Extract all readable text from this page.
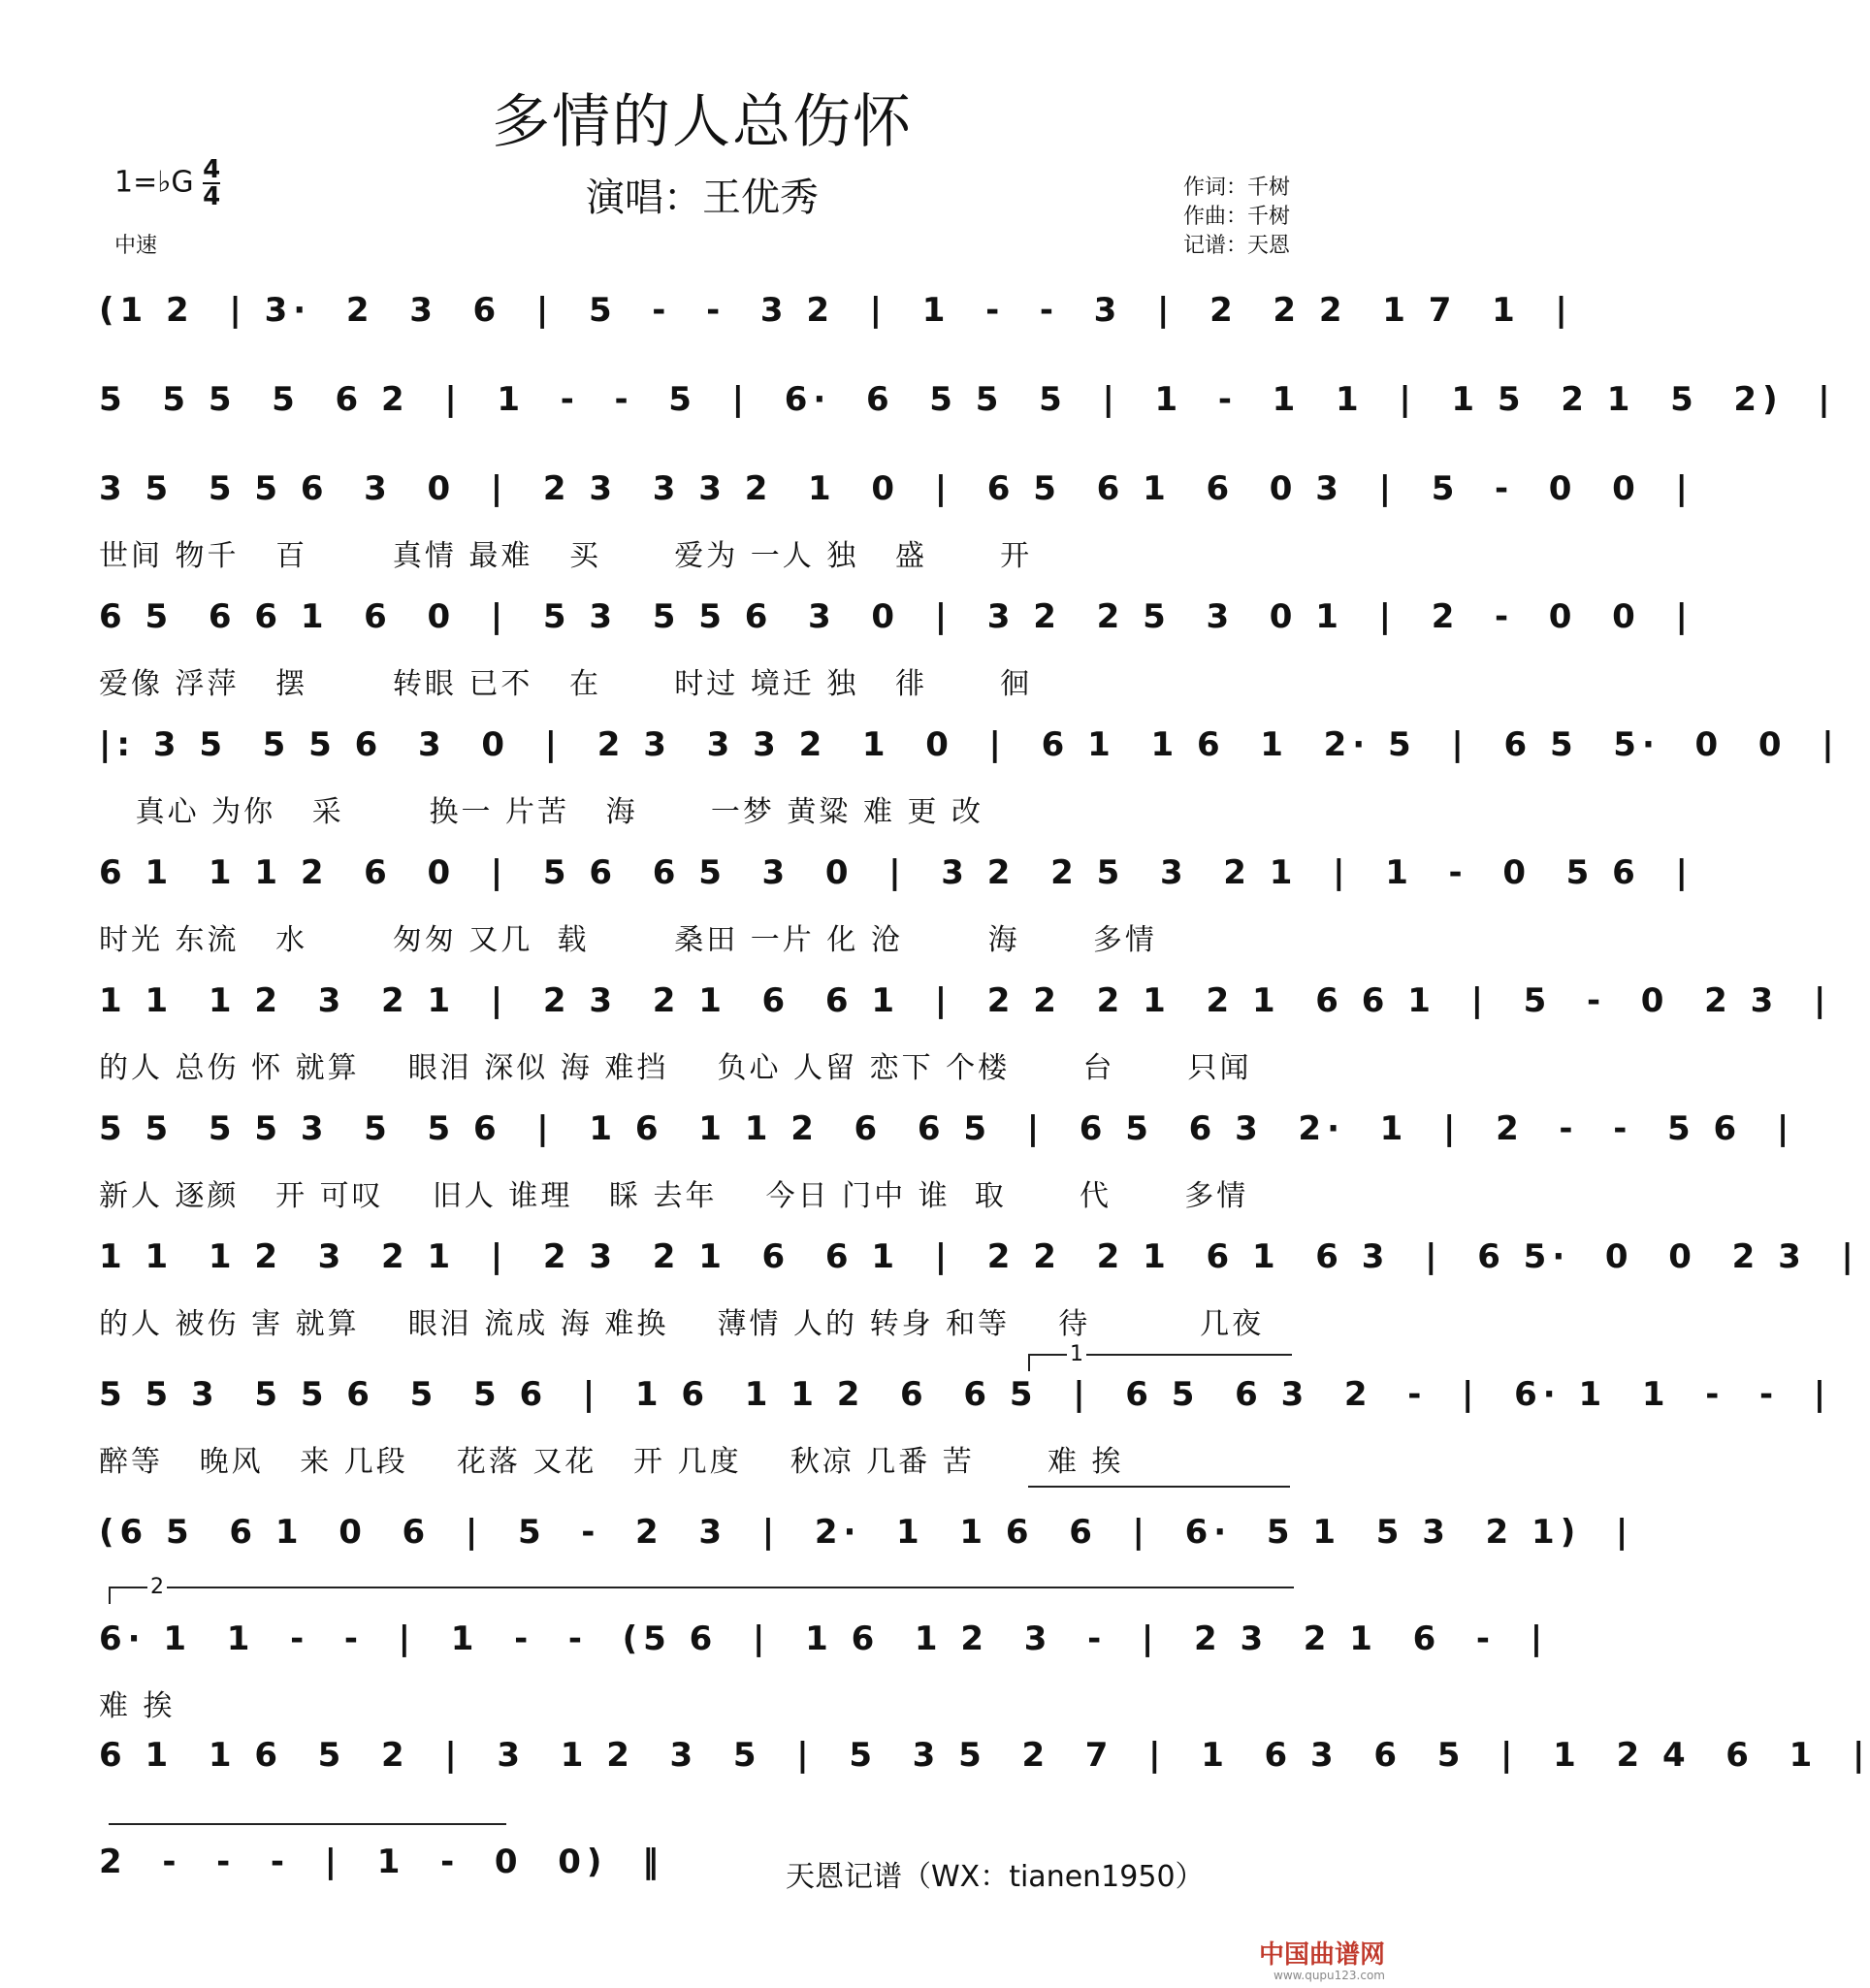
多情的人总伤怀
演唱：王优秀
1=♭G $\frac{4}{4}$
中速
作词：千树
作曲：千树
记谱：天恩
(1 2  | 3·  2  3  6  |  5  -  -  3 2  |  1  -  -  3  |  2  2 2  1 7  1  |
5  5 5  5  6 2  |  1  -  -  5  |  6·  6  5 5  5  |  1  -  1  1  |  1 5  2 1  5  2)  |
3 5  5 5 6  3  0  |  2 3  3 3 2  1  0  |  6 5  6 1  6  0 3  |  5  -  0  0  |
世间 物千   百       真情 最难   买      爱为 一人 独   盛      开
6 5  6 6 1  6  0  |  5 3  5 5 6  3  0  |  3 2  2 5  3  0 1  |  2  -  0  0  |
爱像 浮萍   摆       转眼 已不   在      时过 境迁 独   徘      徊
|: 3 5  5 5 6  3  0  |  2 3  3 3 2  1  0  |  6 1  1 6  1  2· 5  |  6 5  5·  0  0  |
真心 为你   采       换一 片苦   海      一梦 黄粱 难 更 改
6 1  1 1 2  6  0  |  5 6  6 5  3  0  |  3 2  2 5  3  2 1  |  1  -  0  5 6  |
时光 东流   水       匆匆 又几  载       桑田 一片 化 沧       海      多情
1 1  1 2  3  2 1  |  2 3  2 1  6  6 1  |  2 2  2 1  2 1  6 6 1  |  5  -  0  2 3  |
的人 总伤 怀 就算    眼泪 深似 海 难挡    负心 人留 恋下 个楼      台      只闻
5 5  5 5 3  5  5 6  |  1 6  1 1 2  6  6 5  |  6 5  6 3  2·  1  |  2  -  -  5 6  |
新人 逐颜   开 可叹    旧人 谁理   睬 去年    今日 门中 谁  取      代      多情
1 1  1 2  3  2 1  |  2 3  2 1  6  6 1  |  2 2  2 1  6 1  6 3  |  6 5·  0  0  2 3  |
的人 被伤 害 就算    眼泪 流成 海 难换    薄情 人的 转身 和等    待         几夜
5 5 3  5 5 6  5  5 6  |  1 6  1 1 2  6  6 5  |  6 5  6 3  2  -  |  6· 1  1  -  -  |
醉等   晚风   来 几段    花落 又花   开 几度    秋凉 几番 苦      难 挨
(6 5  6 1  0  6  |  5  -  2  3  |  2·  1  1 6  6  |  6·  5 1  5 3  2 1)  |
6· 1  1  -  -  |  1  -  -  (5 6  |  1 6  1 2  3  -  |  2 3  2 1  6  -  |
难 挨
6 1  1 6  5  2  |  3  1 2  3  5  |  5  3 5  2  7  |  1  6 3  6  5  |  1  2 4  6  1  |
2  -  -  -  |  1  -  0  0)  ‖
1
2
天恩记谱（WX：tianen1950）
中国曲谱网
www.qupu123.com
